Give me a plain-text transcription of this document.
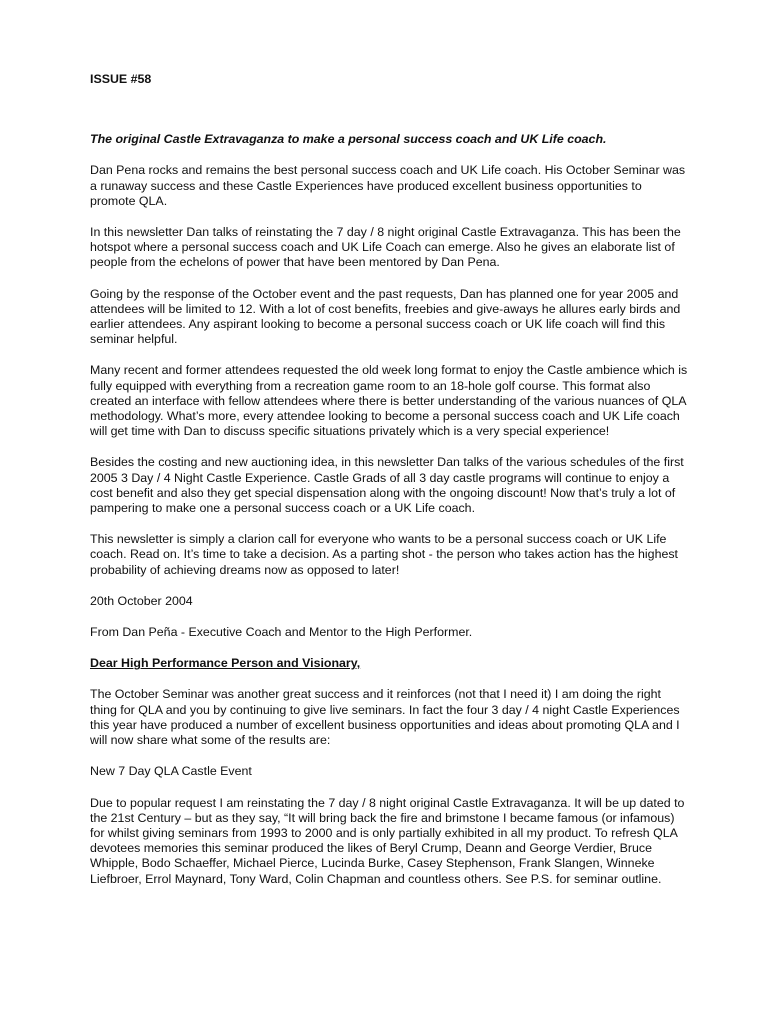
ISSUE #58
The original Castle Extravaganza to make a personal success coach and UK Life coach.

Dan Pena rocks and remains the best personal success coach and UK Life coach. His October Seminar was a runaway success and these Castle Experiences have produced excellent business opportunities to promote QLA.

In this newsletter Dan talks of reinstating the 7 day / 8 night original Castle Extravaganza. This has been the hotspot where a personal success coach and UK Life Coach can emerge. Also he gives an elaborate list of people from the echelons of power that have been mentored by Dan Pena.

Going by the response of the October event and the past requests, Dan has planned one for year 2005 and attendees will be limited to 12. With a lot of cost benefits, freebies and give-aways he allures early birds and earlier attendees. Any aspirant looking to become a personal success coach or UK life coach will find this seminar helpful.

Many recent and former attendees requested the old week long format to enjoy the Castle ambience which is fully equipped with everything from a recreation game room to an 18-hole golf course. This format also created an interface with fellow attendees where there is better understanding of the various nuances of QLA methodology. What’s more, every attendee looking to become a personal success coach and UK Life coach will get time with Dan to discuss specific situations privately which is a very special experience!

Besides the costing and new auctioning idea, in this newsletter Dan talks of the various schedules of the first 2005 3 Day / 4 Night Castle Experience. Castle Grads of all 3 day castle programs will continue to enjoy a cost benefit and also they get special dispensation along with the ongoing discount! Now that’s truly a lot of pampering to make one a personal success coach or a UK Life coach.

This newsletter is simply a clarion call for everyone who wants to be a personal success coach or UK Life coach. Read on. It’s time to take a decision. As a parting shot - the person who takes action has the highest probability of achieving dreams now as opposed to later!

20th October 2004

From Dan Peña - Executive Coach and Mentor to the High Performer.

Dear High Performance Person and Visionary,

The October Seminar was another great success and it reinforces (not that I need it) I am doing the right thing for QLA and you by continuing to give live seminars. In fact the four 3 day / 4 night Castle Experiences this year have produced a number of excellent business opportunities and ideas about promoting QLA and I will now share what some of the results are:

New 7 Day QLA Castle Event

Due to popular request I am reinstating the 7 day / 8 night original Castle Extravaganza. It will be up dated to the 21st Century – but as they say, “It will bring back the fire and brimstone I became famous (or infamous) for whilst giving seminars from 1993 to 2000 and is only partially exhibited in all my product. To refresh QLA devotees memories this seminar produced the likes of Beryl Crump, Deann and George Verdier, Bruce Whipple, Bodo Schaeffer, Michael Pierce, Lucinda Burke, Casey Stephenson, Frank Slangen, Winneke Liefbroer, Errol Maynard, Tony Ward, Colin Chapman and countless others. See P.S. for seminar outline.
